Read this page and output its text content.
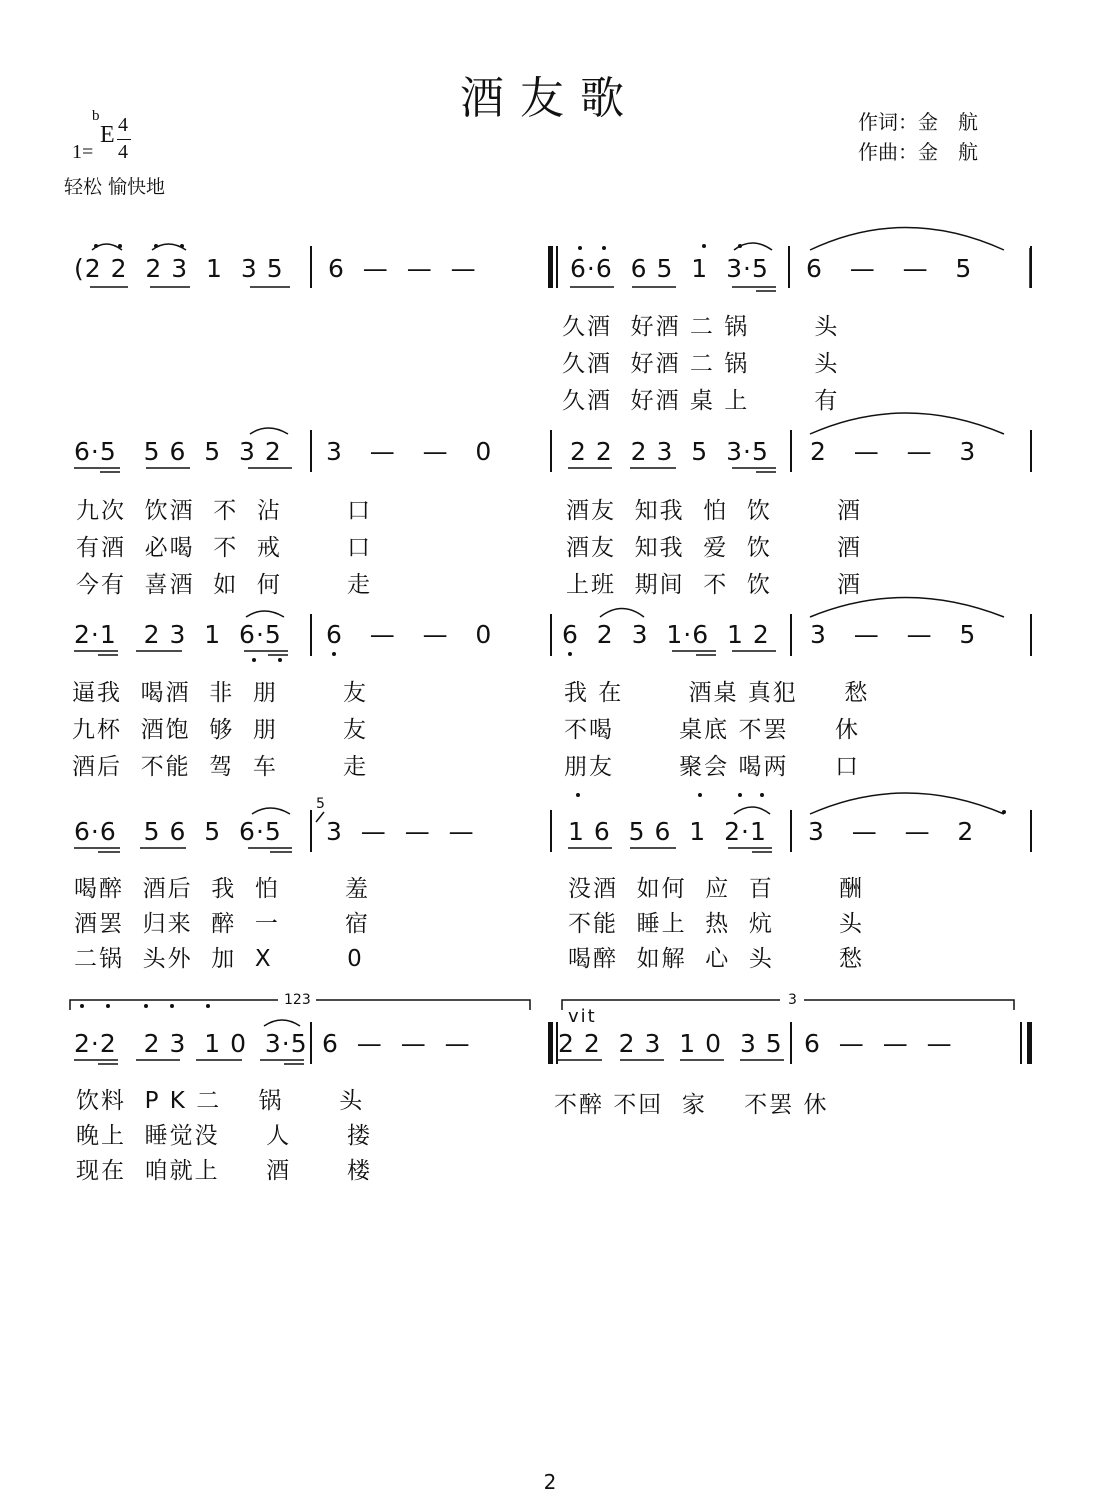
酒友歌	作词：金　航
作曲：金　航

1=

b
E 4
4
轻松 愉快地
(2 2  2 3  1  3 5 6  —  —  —	6·6  6 5  1  3·5 6   —   —   5
久酒  好酒 二 锅       头
久酒  好酒 二 锅       头
久酒  好酒 桌 上       有
6·5   5 6  5  3 2 3   —   —   0	2 2  2 3  5  3·5 2   —   —   3
九次  饮酒  不  沾       口
有酒  必喝  不  戒       口
今有  喜酒  如  何       走
酒友  知我  怕  饮       酒
酒友  知我  爱  饮       酒
上班  期间  不  饮       酒
2·1   2 3  1  6·5 6   —   —   0	6  2  3  1·6  1 2 3   —   —   5
逼我  喝酒  非  朋       友
九杯  酒饱  够  朋       友
酒后  不能  驾  车       走
我 在       酒桌 真犯     愁
不喝       桌底 不罢     休
朋友       聚会 喝两     口
6·6   5 6  5  6·5
5
3  —  —  —	1 6  5 6  1  2·1 3   —   —   2
喝醉  酒后  我  怕       羞
酒罢  归来  醉  一       宿
二锅  头外  加  X        0
没酒  如何  应  百       酬
不能  睡上  热  炕       头
喝醉  如解  心  头       愁
123	3
vit
2·2   2 3  1 0  3·5 6  —  —  —	2 2  2 3  1 0  3 5 6  —  —  —
饮料  P K 二    锅      头
晚上  睡觉没     人      搂
现在  咱就上     酒      楼
不醉 不回  家    不罢 休
2
